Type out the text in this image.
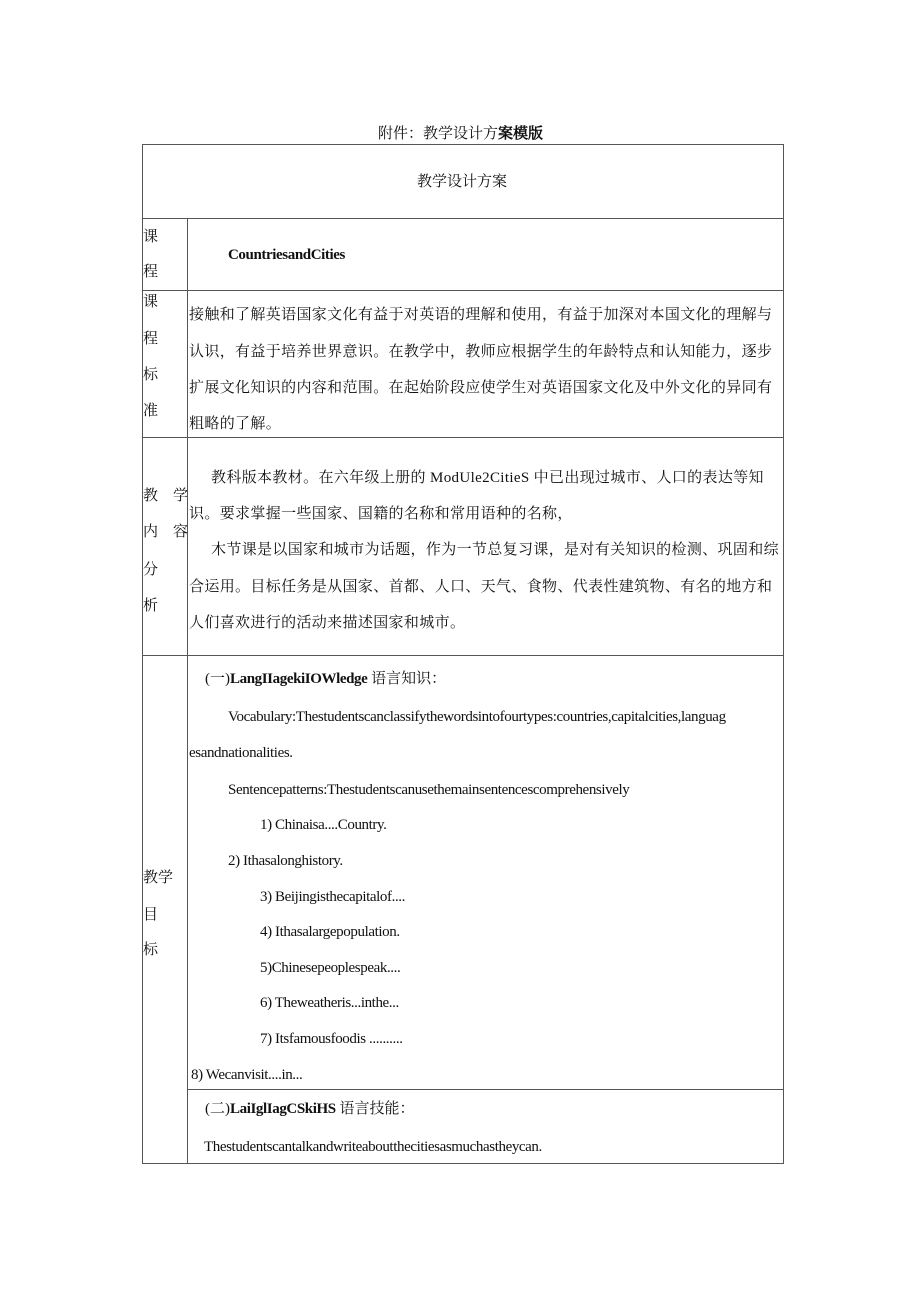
附件：教学设计方案模版
教学设计方案
课
程
CountriesandCities
课
程
标
准
接触和了解英语国家文化有益于对英语的理解和使用，有益于加深对本国文化的理解与
认识，有益于培养世界意识。在教学中，教师应根据学生的年龄特点和认知能力，逐步
扩展文化知识的内容和范围。在起始阶段应使学生对英语国家文化及中外文化的异同有
粗略的了解。
教　学
内　容
分
析
教科版本教材。在六年级上册的 ModUle2CitieS 中已出现过城市、人口的表达等知
识。要求掌握一些国家、国籍的名称和常用语种的名称，
木节课是以国家和城市为话题，作为一节总复习课，是对有关知识的检测、巩固和综
合运用。目标任务是从国家、首都、人口、天气、食物、代表性建筑物、有名的地方和
人们喜欢进行的活动来描述国家和城市。
教学
目
标
(一)LangIIagekiIOWledge 语言知识：
Vocabulary:Thestudentscanclassifythewordsintofourtypes:countries,capitalcities,languag
esandnationalities.
Sentencepatterns:Thestudentscanusethemainsentencescomprehensively
1) Chinaisa....Country.
2) Ithasalonghistory.
3) Beijingisthecapitalof....
4) Ithasalargepopulation.
5)Chinesepeoplespeak....
6) Theweatheris...inthe...
7) Itsfamousfoodis ..........
8) Wecanvisit....in...
(二)LaiIglIagCSkiHS 语言技能：
Thestudentscantalkandwriteaboutthecitiesasmuchastheycan.
